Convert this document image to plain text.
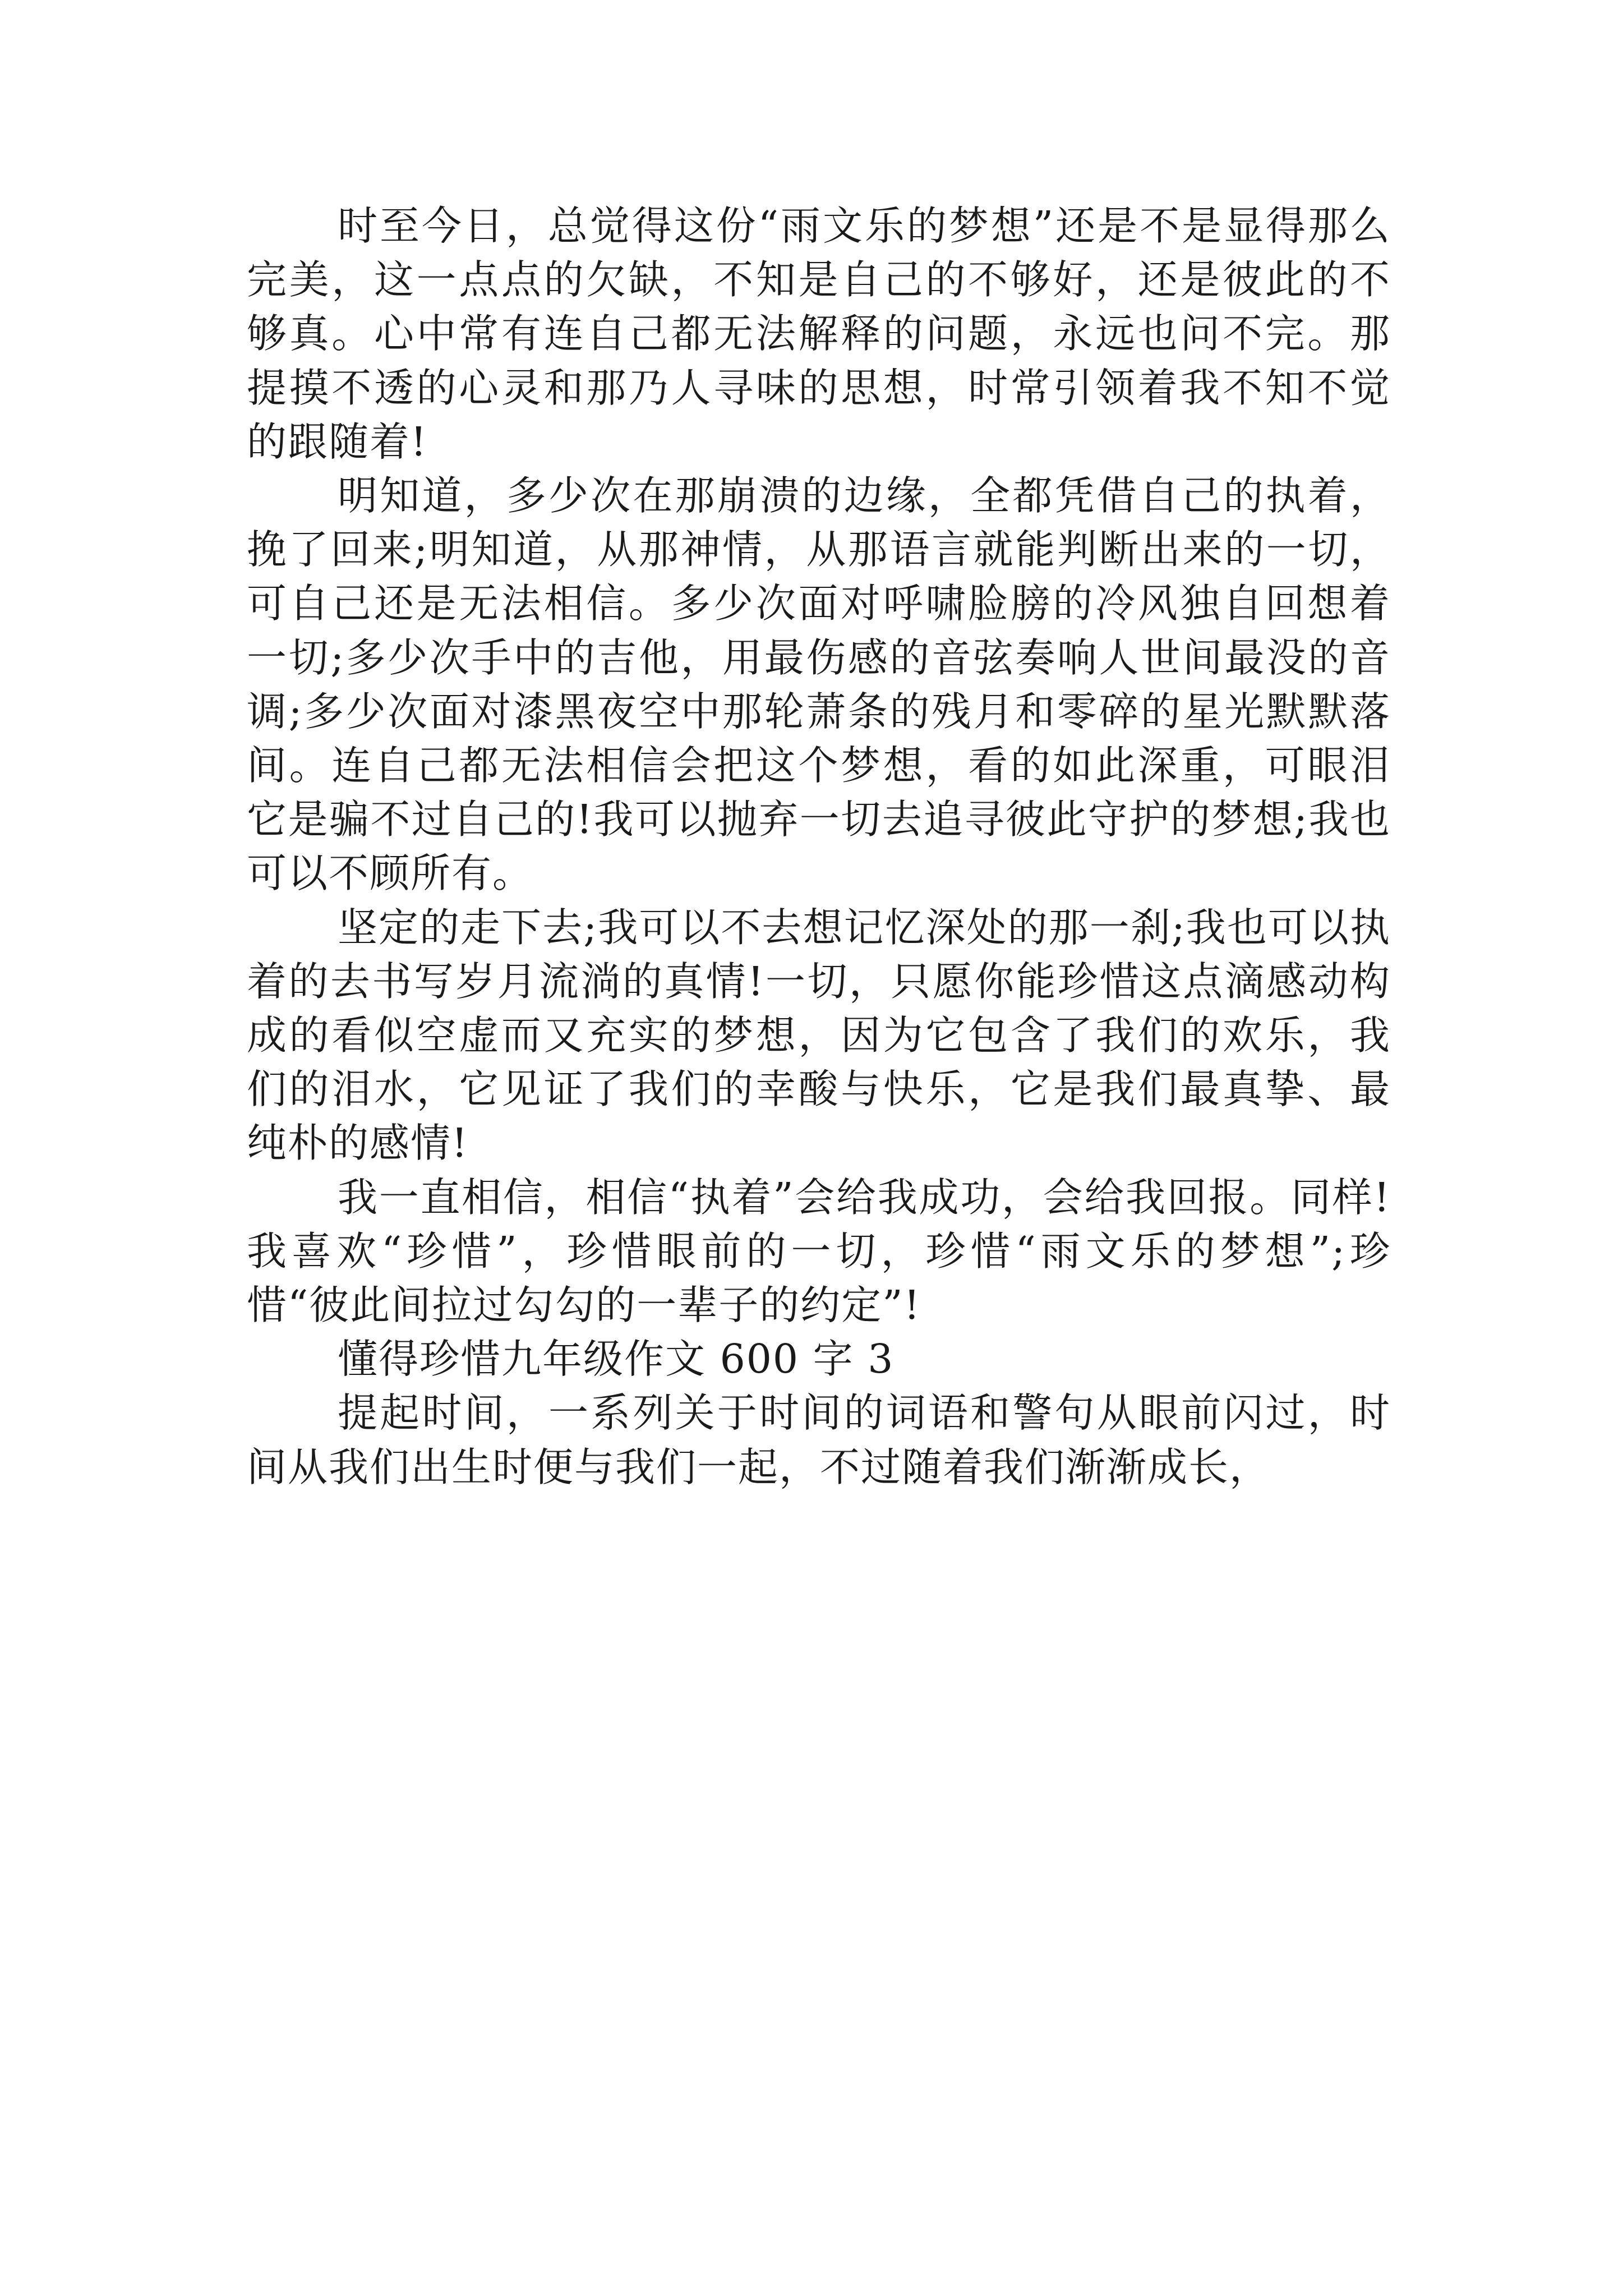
时至今日，总觉得这份“雨文乐的梦想”还是不是显得那么完美，这一点点的欠缺，不知是自己的不够好，还是彼此的不够真。心中常有连自己都无法解释的问题，永远也问不完。那提摸不透的心灵和那乃人寻味的思想，时常引领着我不知不觉的跟随着!

明知道，多少次在那崩溃的边缘，全都凭借自己的执着，挽了回来;明知道，从那神情，从那语言就能判断出来的一切，可自己还是无法相信。多少次面对呼啸脸膀的冷风独自回想着一切;多少次手中的吉他，用最伤感的音弦奏响人世间最没的音调;多少次面对漆黑夜空中那轮萧条的残月和零碎的星光默默落间。连自己都无法相信会把这个梦想，看的如此深重，可眼泪它是骗不过自己的!我可以抛弃一切去追寻彼此守护的梦想;我也可以不顾所有。

坚定的走下去;我可以不去想记忆深处的那一刹;我也可以执着的去书写岁月流淌的真情!一切，只愿你能珍惜这点滴感动构成的看似空虚而又充实的梦想，因为它包含了我们的欢乐，我们的泪水，它见证了我们的幸酸与快乐，它是我们最真挚、最纯朴的感情!

我一直相信，相信“执着”会给我成功，会给我回报。同样!我喜欢“珍惜”，珍惜眼前的一切，珍惜“雨文乐的梦想”;珍惜“彼此间拉过勾勾的一辈子的约定”!

懂得珍惜九年级作文 600 字 3

提起时间，一系列关于时间的词语和警句从眼前闪过，时间从我们出生时便与我们一起，不过随着我们渐渐成长，
